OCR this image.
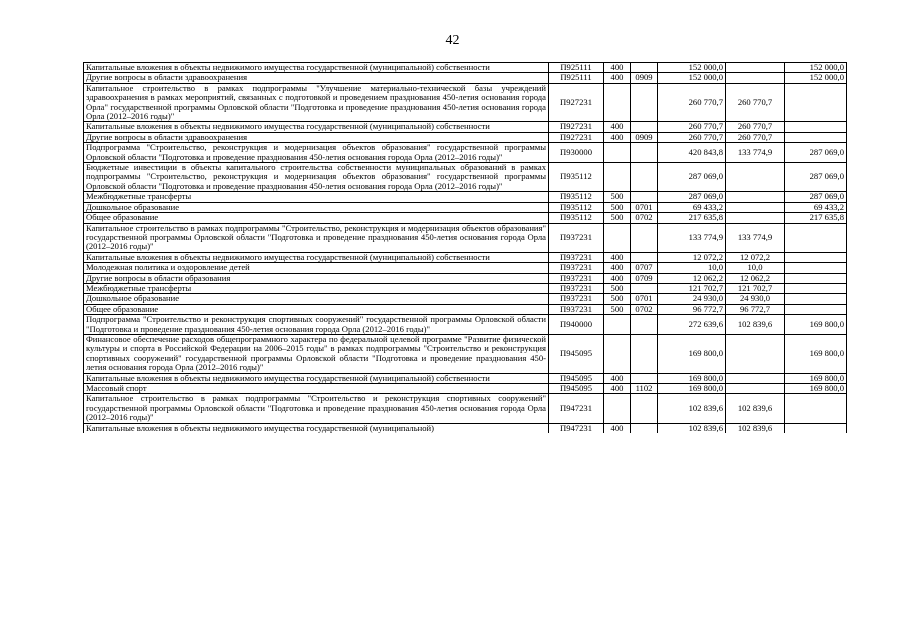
42
Капитальные вложения в объекты недвижимого имущества государственной (муниципальной) собственности	П925111	400		152 000,0		152 000,0
Другие вопросы в области здравоохранения	П925111	400	0909	152 000,0		152 000,0
Капитальное строительство в рамках подпрограммы "Улучшение материально-технической базы учреждений здравоохранения в рамках мероприятий, связанных с подготовкой и проведением празднования 450-летия основания города Орла" государственной программы Орловской области "Подготовка и проведение празднования 450-летия основания города Орла (2012–2016 годы)"	П927231			260 770,7	260 770,7	
Капитальные вложения в объекты недвижимого имущества государственной (муниципальной) собственности	П927231	400		260 770,7	260 770,7	
Другие вопросы в области здравоохранения	П927231	400	0909	260 770,7	260 770,7	
Подпрограмма "Строительство, реконструкция и модернизация объектов образования" государственной программы Орловской области "Подготовка и проведение празднования 450-летия основания города Орла (2012–2016 годы)"	П930000			420 843,8	133 774,9	287 069,0
Бюджетные инвестиции в объекты капитального строительства собственности муниципальных образований в рамках подпрограммы "Строительство, реконструкция и модернизация объектов образования" государственной программы Орловской области "Подготовка и проведение празднования 450-летия основания города Орла (2012–2016 годы)"	П935112			287 069,0		287 069,0
Межбюджетные трансферты	П935112	500		287 069,0		287 069,0
Дошкольное образование	П935112	500	0701	69 433,2		69 433,2
Общее образование	П935112	500	0702	217 635,8		217 635,8
Капитальное строительство в рамках подпрограммы "Строительство, реконструкция и модернизация объектов образования" государственной программы Орловской области "Подготовка и проведение празднования 450-летия основания города Орла (2012–2016 годы)"	П937231			133 774,9	133 774,9	
Капитальные вложения в объекты недвижимого имущества государственной (муниципальной) собственности	П937231	400		12 072,2	12 072,2	
Молодежная политика и оздоровление детей	П937231	400	0707	10,0	10,0	
Другие вопросы в области образования	П937231	400	0709	12 062,2	12 062,2	
Межбюджетные трансферты	П937231	500		121 702,7	121 702,7	
Дошкольное образование	П937231	500	0701	24 930,0	24 930,0	
Общее образование	П937231	500	0702	96 772,7	96 772,7	
Подпрограмма "Строительство и реконструкция спортивных сооружений" государственной программы Орловской области "Подготовка и проведение празднования 450-летия основания города Орла (2012–2016 годы)"	П940000			272 639,6	102 839,6	169 800,0
Финансовое обеспечение расходов общепрограммного характера по федеральной целевой программе "Развитие физической культуры и спорта в Российской Федерации на 2006–2015 годы" в рамках подпрограммы "Строительство и реконструкция спортивных сооружений" государственной программы Орловской области "Подготовка и проведение празднования 450-летия основания города Орла (2012–2016 годы)"	П945095			169 800,0		169 800,0
Капитальные вложения в объекты недвижимого имущества государственной (муниципальной) собственности	П945095	400		169 800,0		169 800,0
Массовый спорт	П945095	400	1102	169 800,0		169 800,0
Капитальное строительство в рамках подпрограммы "Строительство и реконструкция спортивных сооружений" государственной программы Орловской области "Подготовка и проведение празднования 450-летия основания города Орла (2012–2016 годы)"	П947231			102 839,6	102 839,6	
Капитальные вложения в объекты недвижимого имущества государственной (муниципальной)	П947231	400		102 839,6	102 839,6	
